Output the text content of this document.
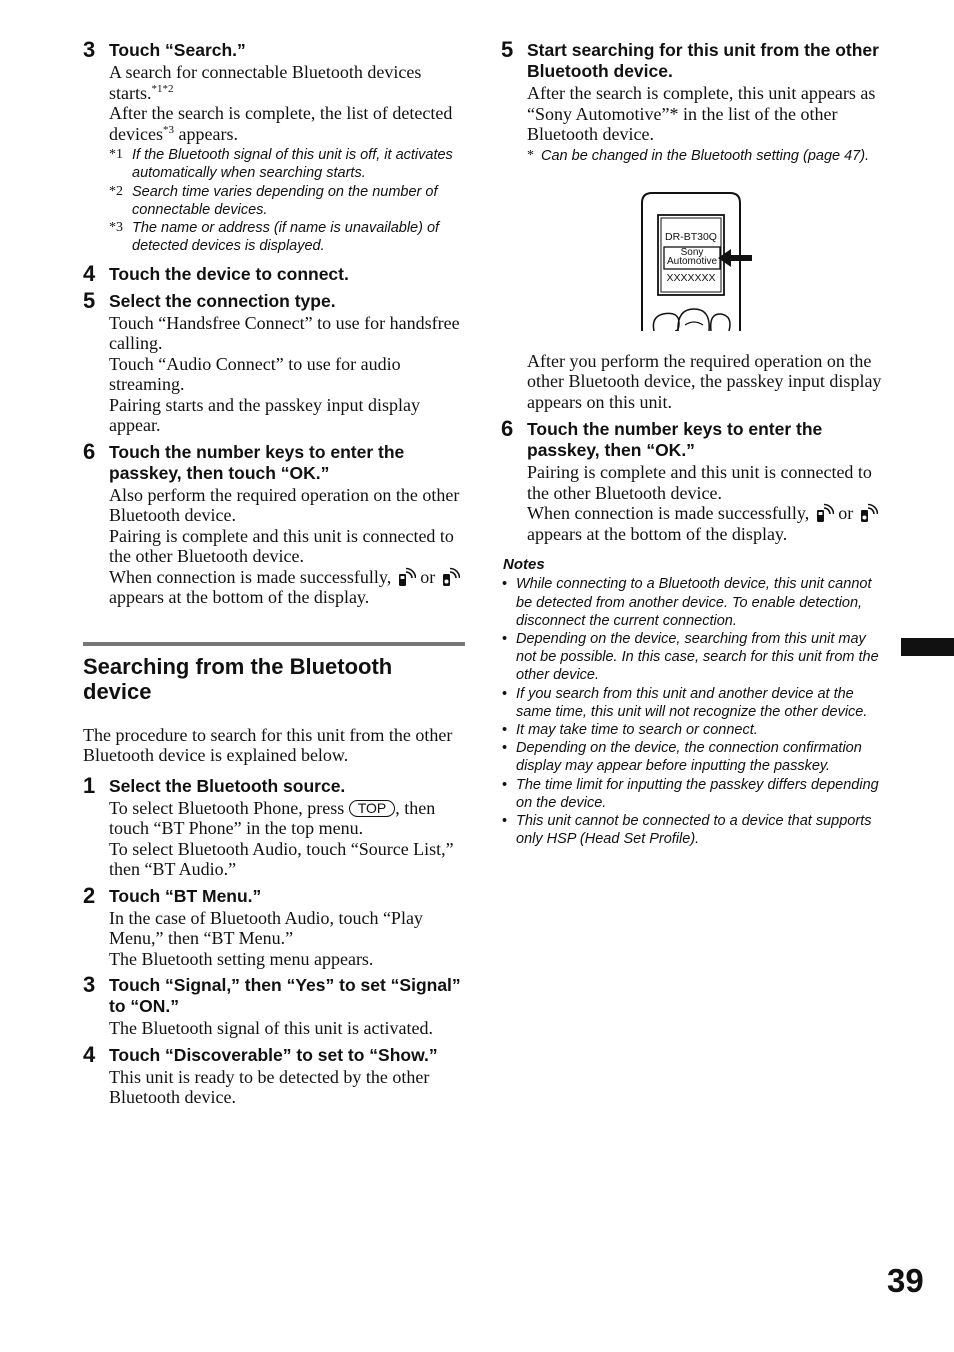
3 Touch “Search.”

A search for connectable Bluetooth devices starts.$^{*1*2}$

After the search is complete, the list of detected devices$^{*3}$ appears.

*1 If the Bluetooth signal of this unit is off, it activates automatically when searching starts.
*2 Search time varies depending on the number of connectable devices.
*3 The name or address (if name is unavailable) of detected devices is displayed.
4 Touch the device to connect.

5 Select the connection type.

Touch “Handsfree Connect” to use for handsfree calling.

Touch “Audio Connect” to use for audio streaming.

Pairing starts and the passkey input display appear.

6 Touch the number keys to enter the passkey, then touch “OK.”

Also perform the required operation on the other Bluetooth device.

Pairing is complete and this unit is connected to the other Bluetooth device.

When connection is made successfully, or  appears at the bottom of the display.

Searching from the Bluetooth device

The procedure to search for this unit from the other Bluetooth device is explained below.

1 Select the Bluetooth source.

To select Bluetooth Phone, press TOP , then touch “BT Phone” in the top menu.

To select Bluetooth Audio, touch “Source List,” then “BT Audio.”

2 Touch “BT Menu.”

In the case of Bluetooth Audio, touch “Play Menu,” then “BT Menu.”

The Bluetooth setting menu appears.

3 Touch “Signal,” then “Yes” to set “Signal” to “ON.”

The Bluetooth signal of this unit is activated.

4 Touch “Discoverable” to set to “Show.”

This unit is ready to be detected by the other Bluetooth device.

5 Start searching for this unit from the other Bluetooth device.

After the search is complete, this unit appears as “Sony Automotive”* in the list of the other Bluetooth device.

* Can be changed in the Bluetooth setting (page 47).
DR-BT30Q
Sony
Automotive
XXXXXXX

After you perform the required operation on the other Bluetooth device, the passkey input display appears on this unit.

6 Touch the number keys to enter the passkey, then “OK.”

Pairing is complete and this unit is connected to the other Bluetooth device.

When connection is made successfully, or  appears at the bottom of the display.

Notes
• While connecting to a Bluetooth device, this unit cannot be detected from another device. To enable detection, disconnect the current connection.
• Depending on the device, searching from this unit may not be possible. In this case, search for this unit from the other device.
• If you search from this unit and another device at the same time, this unit will not recognize the other device.
• It may take time to search or connect.
• Depending on the device, the connection confirmation display may appear before inputting the passkey.
• The time limit for inputting the passkey differs depending on the device.
• This unit cannot be connected to a device that supports only HSP (Head Set Profile).
39
